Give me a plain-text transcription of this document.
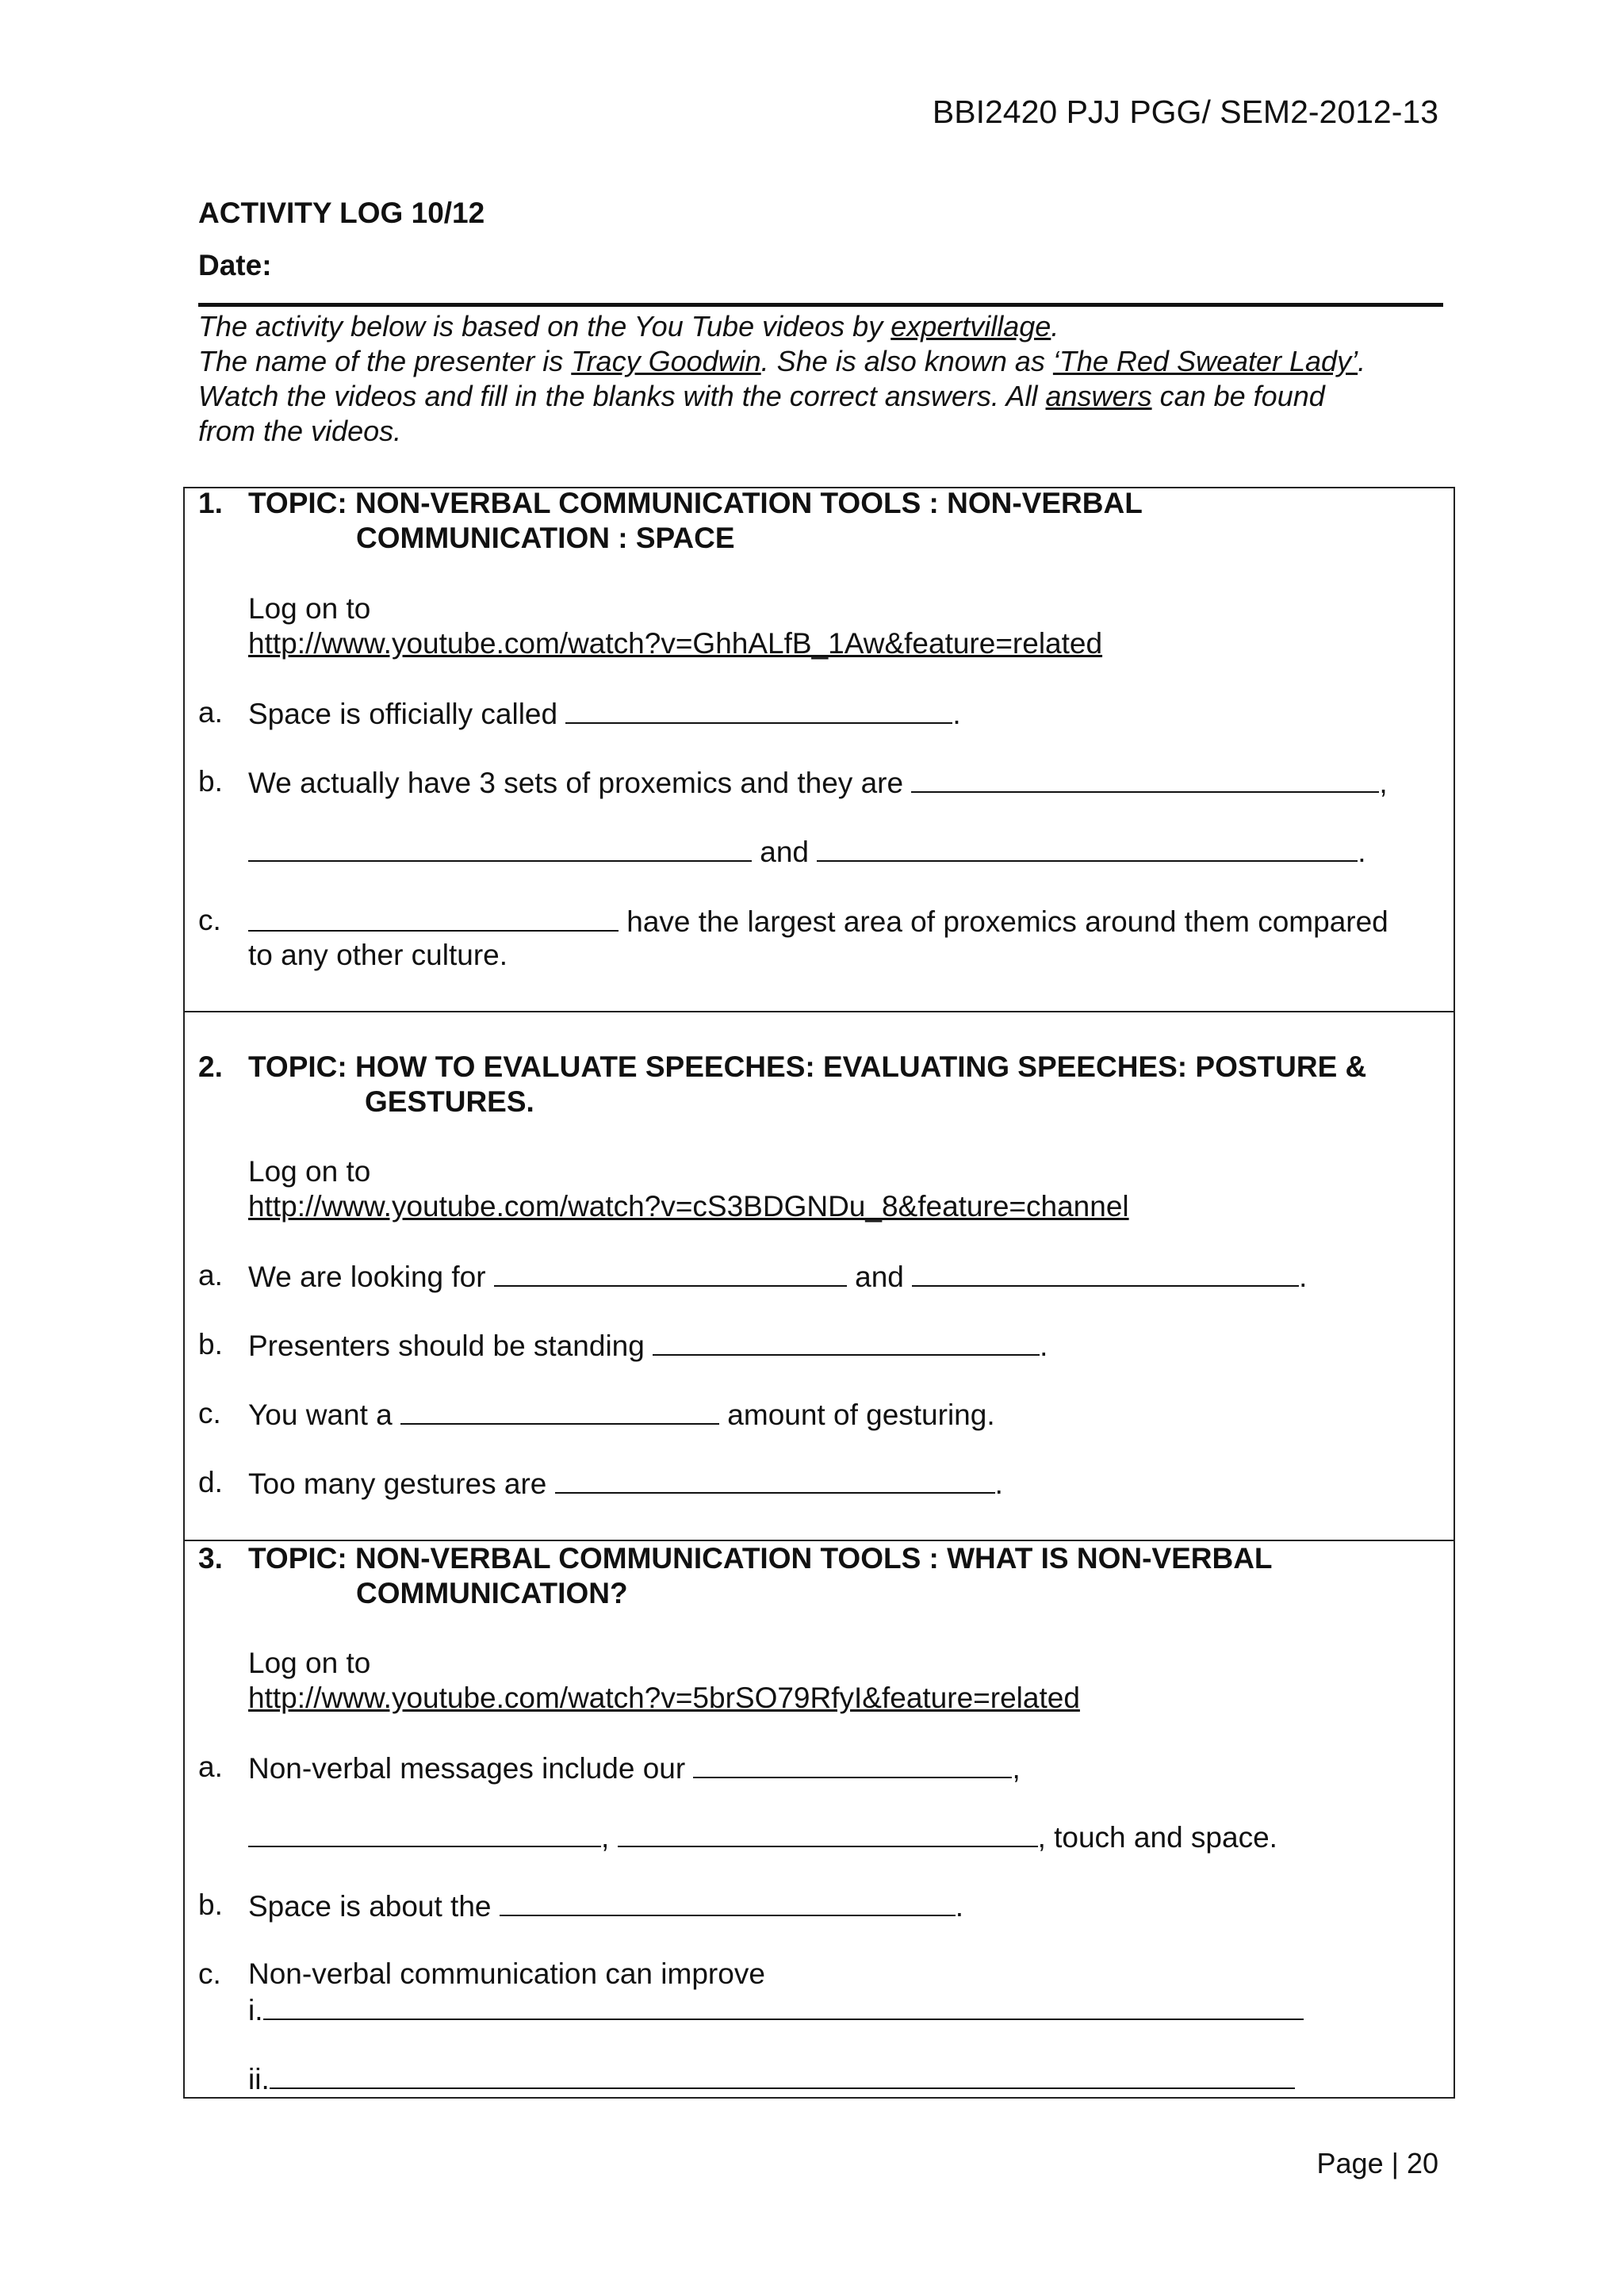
BBI2420 PJJ PGG/ SEM2-2012-13
ACTIVITY LOG 10/12
Date:

The activity below is based on the You Tube videos by expertvillage.

The name of the presenter is Tracy Goodwin. She is also known as ‘The Red Sweater Lady’.

Watch the videos and fill in the blanks with the correct answers. All answers can be found

from the videos.

1. TOPIC: NON-VERBAL COMMUNICATION TOOLS : NON-VERBAL
COMMUNICATION : SPACE
Log on to
http://www.youtube.com/watch?v=GhhALfB_1Aw&feature=related
a. Space is officially called	.
b. We actually have 3 sets of proxemics and they are	,
and	.
c.	have the largest area of proxemics around them compared
to any other culture.
2. TOPIC: HOW TO EVALUATE SPEECHES: EVALUATING SPEECHES: POSTURE &
GESTURES.
Log on to
http://www.youtube.com/watch?v=cS3BDGNDu_8&feature=channel
a. We are looking for	and	.
b. Presenters should be standing	.
c. You want a	amount of gesturing.
d. Too many gestures are	.
3. TOPIC: NON-VERBAL COMMUNICATION TOOLS : WHAT IS NON-VERBAL
COMMUNICATION?
Log on to
http://www.youtube.com/watch?v=5brSO79RfyI&feature=related
a. Non-verbal messages include our	,
,	, touch and space.
b. Space is about the	.
c. Non-verbal communication can improve
i.
ii.
Page | 20
